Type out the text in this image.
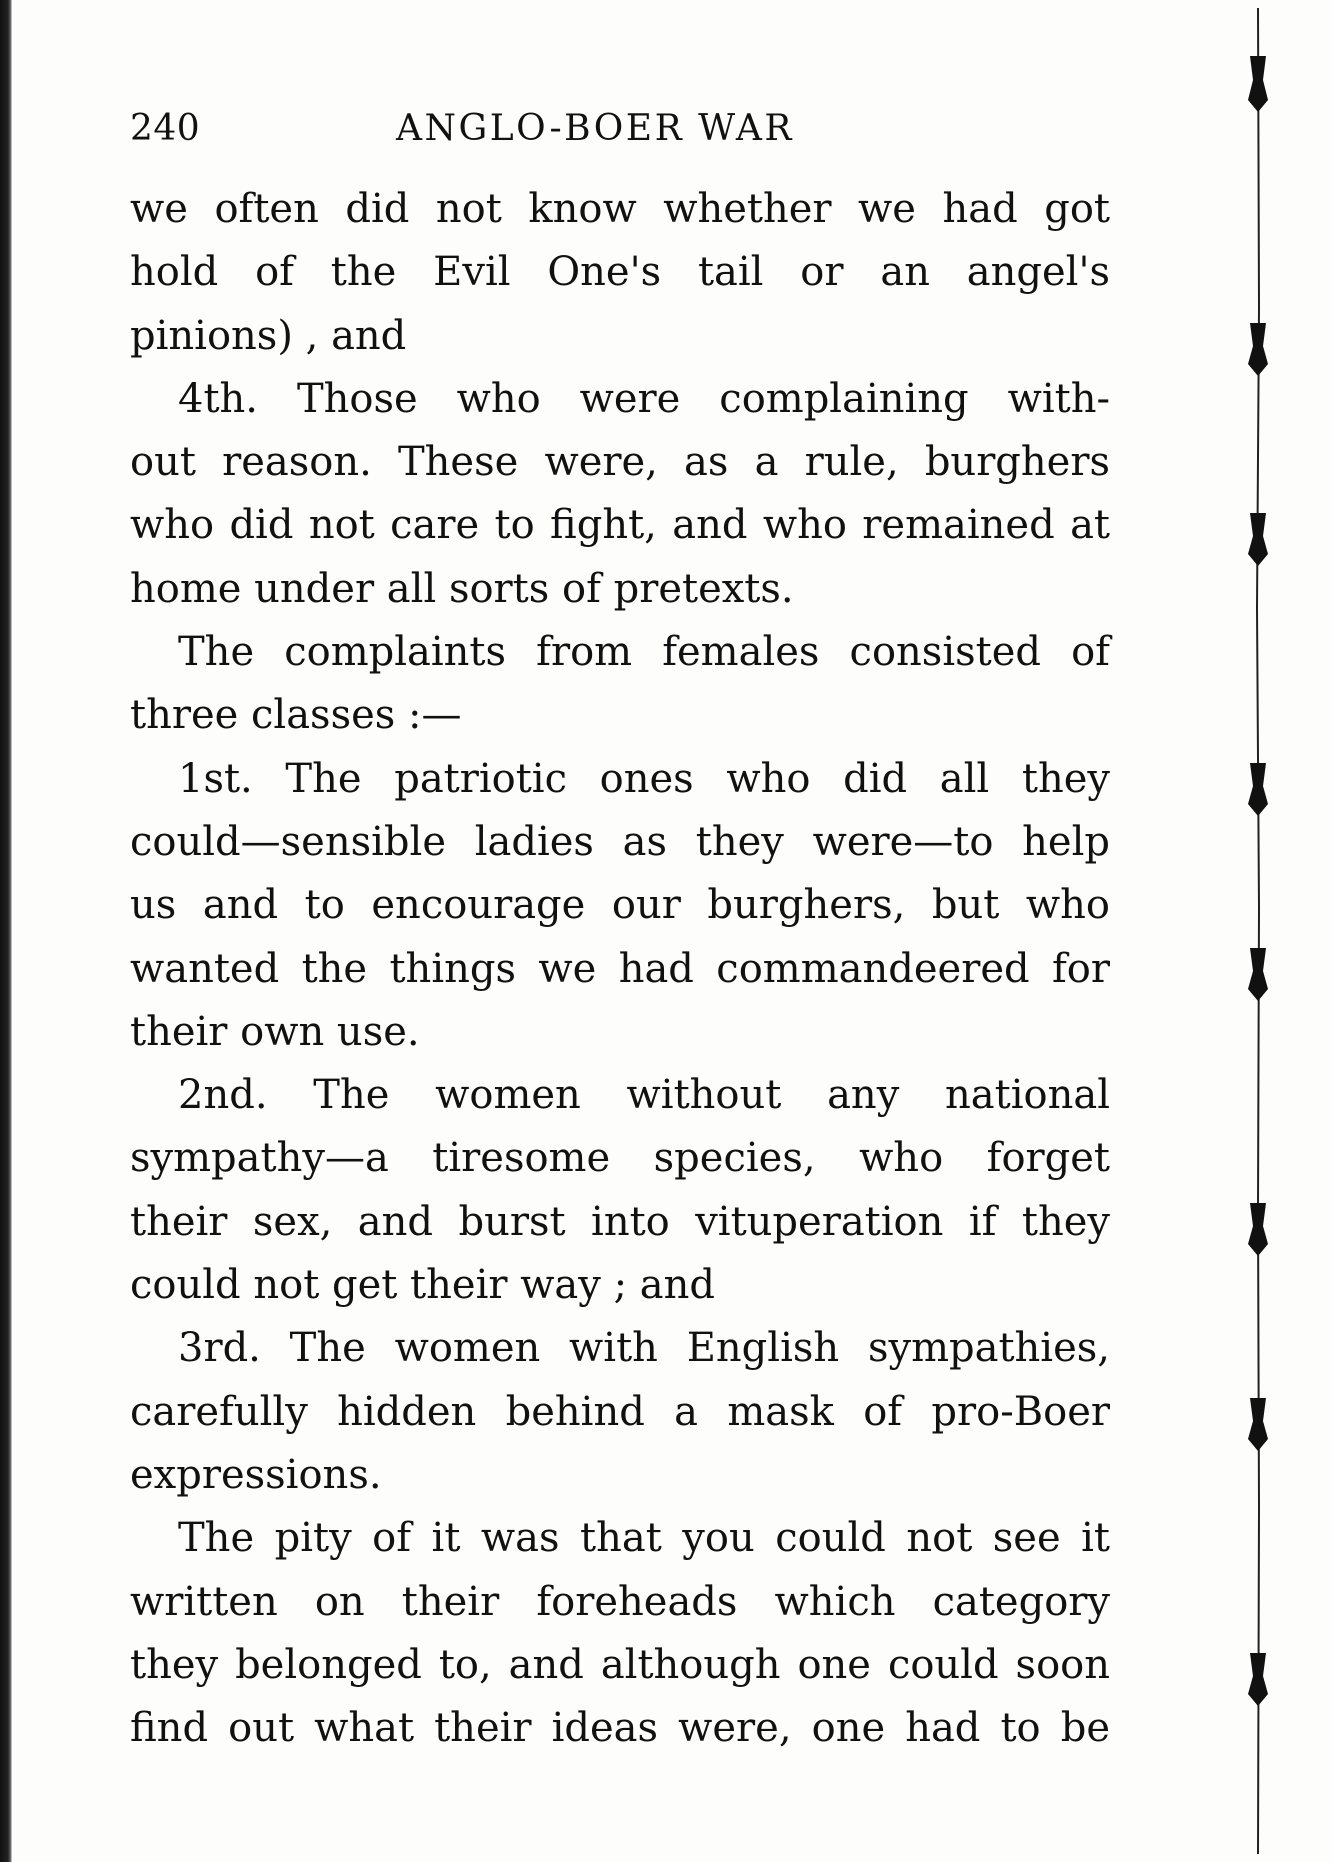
240	ANGLO-BOER WAR
we often did not know whether we had got
hold of the Evil One's tail or an angel's
pinions) , and
4th. Those who were complaining with-
out reason. These were, as a rule, burghers
who did not care to fight, and who remained at
home under all sorts of pretexts.
The complaints from females consisted of
three classes :—
1st. The patriotic ones who did all they
could—sensible ladies as they were—to help
us and to encourage our burghers, but who
wanted the things we had commandeered for
their own use.
2nd. The women without any national
sympathy—a tiresome species, who forget
their sex, and burst into vituperation if they
could not get their way ; and
3rd. The women with English sympathies,
carefully hidden behind a mask of pro-Boer
expressions.
The pity of it was that you could not see it
written on their foreheads which category
they belonged to, and although one could soon
find out what their ideas were, one had to be
